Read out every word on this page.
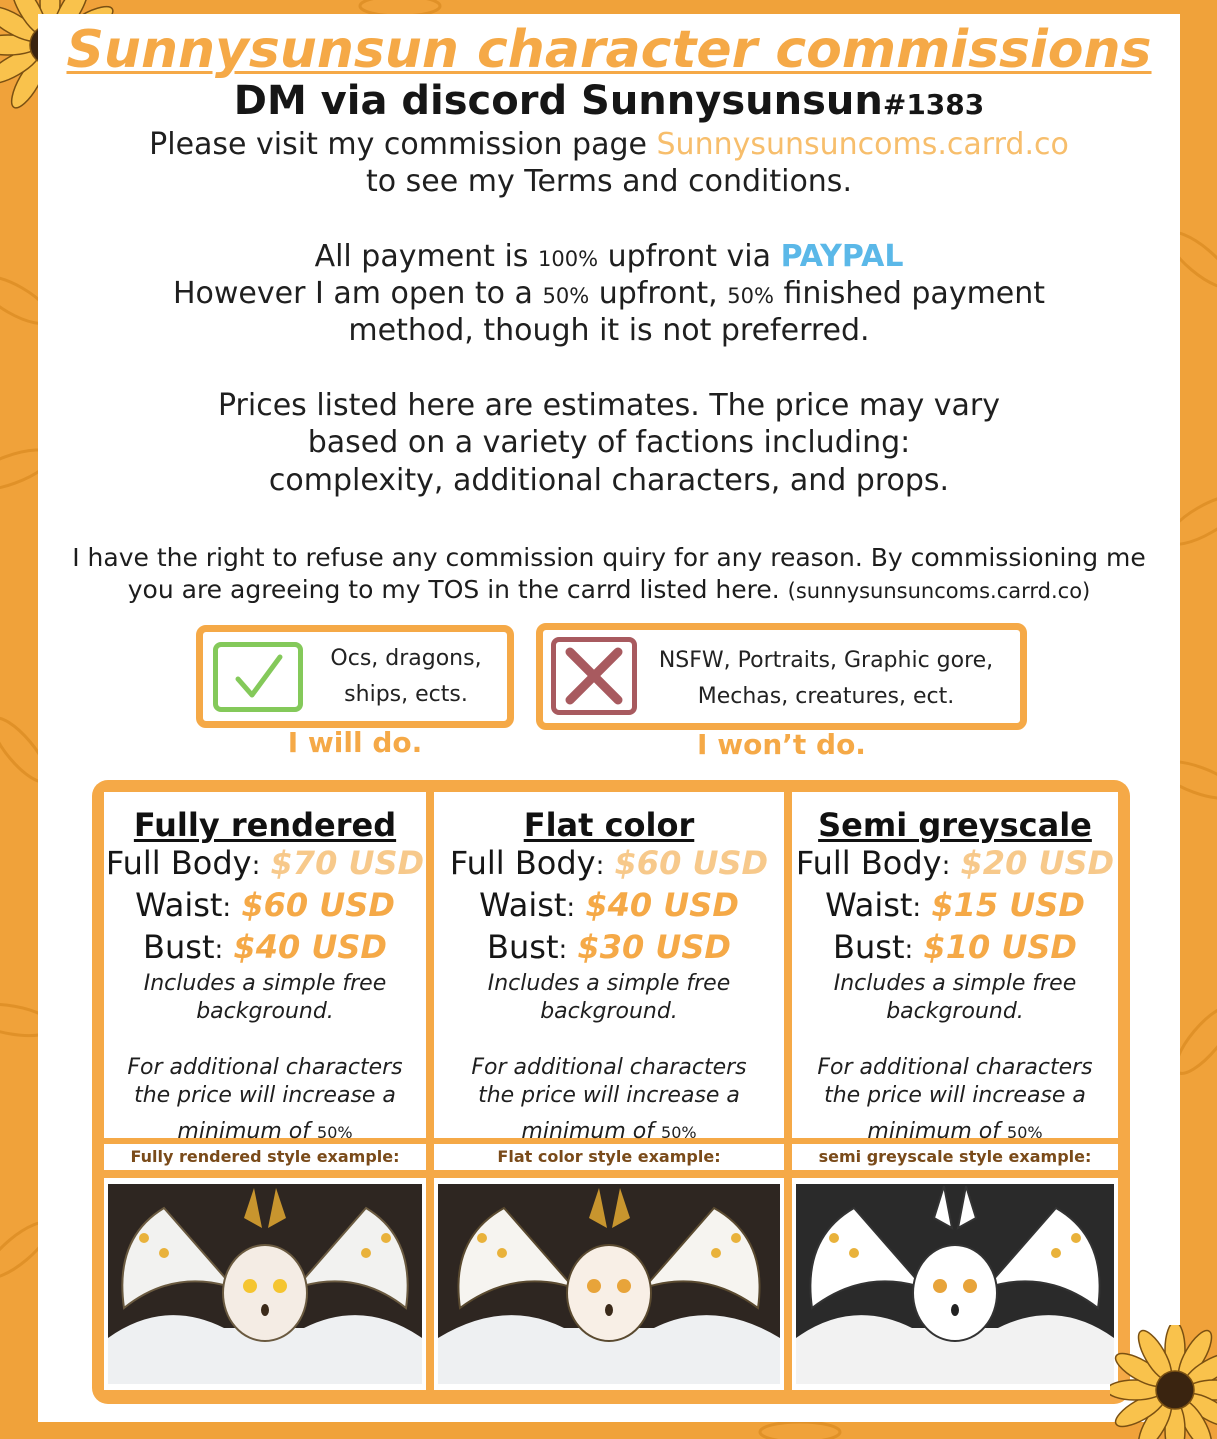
Sunnysunsun character commissions
DM via discord Sunnysunsun#1383
Please visit my commission page Sunnysunsuncoms.carrd.co
to see my Terms and conditions.
All payment is 100% upfront via PAYPAL
However I am open to a 50% upfront, 50% finished payment
method, though it is not preferred.
Prices listed here are estimates. The price may vary
based on a variety of factions including:
complexity, additional characters, and props.
I have the right to refuse any commission quiry for any reason. By commissioning me
you are agreeing to my TOS in the carrd listed here. (sunnysunsuncoms.carrd.co)
Ocs, dragons,
ships, ects.
I will do.
NSFW, Portraits, Graphic gore,
Mechas, creatures, ect.
I won’t do.
Fully rendered
Full Body: $70 USD
Waist: $60 USD
Bust: $40 USD
Includes a simple free
background.
For additional characters
the price will increase a
minimum of 50%
Flat color
Full Body: $60 USD
Waist: $40 USD
Bust: $30 USD
Includes a simple free
background.
For additional characters
the price will increase a
minimum of 50%
Semi greyscale
Full Body: $20 USD
Waist: $15 USD
Bust: $10 USD
Includes a simple free
background.
For additional characters
the price will increase a
minimum of 50%
Fully rendered style example:	Flat color style example:	semi greyscale style example:
